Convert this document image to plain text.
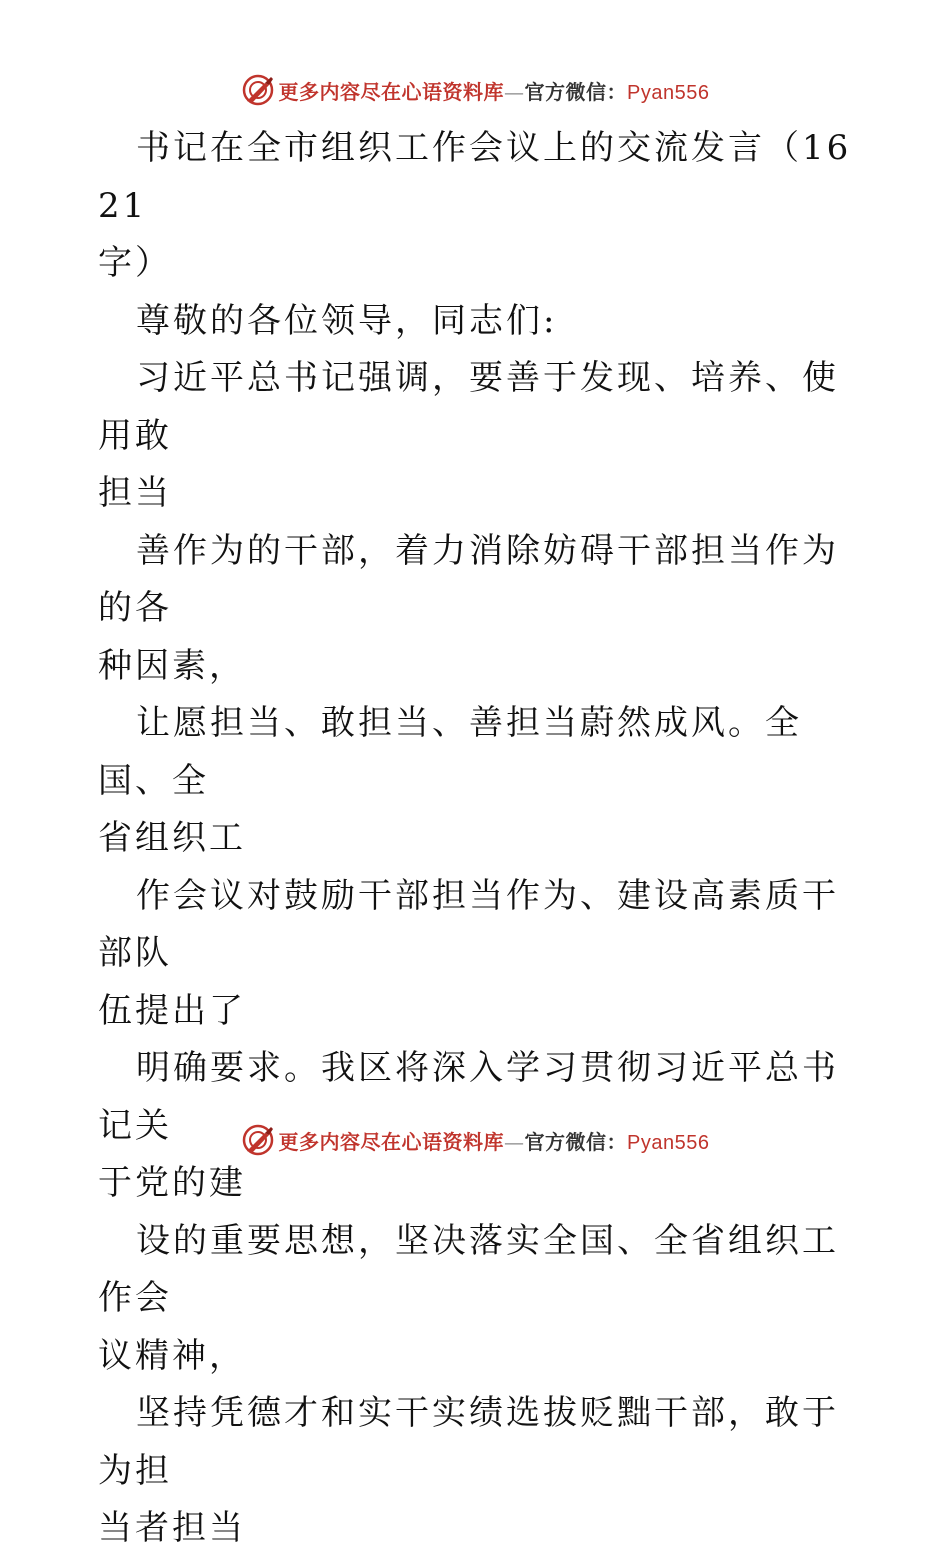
更多内容尽在心语资料库—官方微信：Pyan556

书记在全市组织工作会议上的交流发言（1621

字）

尊敬的各位领导，同志们:

习近平总书记强调，要善于发现、培养、使用敢

担当

善作为的干部，着力消除妨碍干部担当作为的各

种因素，

让愿担当、敢担当、善担当蔚然成风。全国、全

省组织工

作会议对鼓励干部担当作为、建设高素质干部队

伍提出了

明确要求。我区将深入学习贯彻习近平总书记关

于党的建

设的重要思想，坚决落实全国、全省组织工作会

议精神，

坚持凭德才和实干实绩选拔贬黜干部，敢于为担

当者担当

更多内容尽在心语资料库—官方微信：Pyan556
